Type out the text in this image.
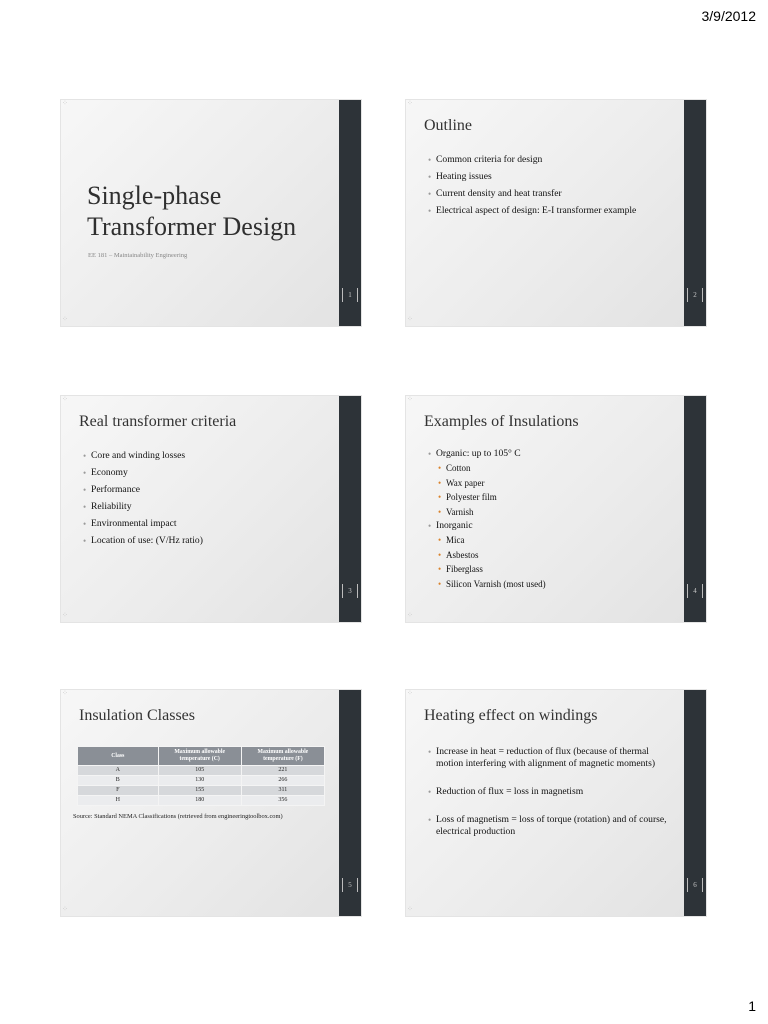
3/9/2012
⁘
⁘
Single-phase
Transformer Design
EE 181 – Maintainability Engineering
1
⁘
⁘
Outline
• Common criteria for design
• Heating issues
• Current density and heat transfer
• Electrical aspect of design: E-I transformer example
2
⁘
⁘
Real transformer criteria
• Core and winding losses
• Economy
• Performance
• Reliability
• Environmental impact
• Location of use: (V/Hz ratio)
3
⁘
⁘
Examples of Insulations
• Organic: up to 105° C
• Cotton
• Wax paper
• Polyester film
• Varnish
• Inorganic
• Mica
• Asbestos
• Fiberglass
• Silicon Varnish (most used)
4
⁘
⁘
Insulation Classes
Class	Maximum allowable temperature (C)	Maximum allowable temperature (F)
A	105	221
B	130	266
F	155	311
H	180	356
Source: Standard NEMA Classifications (retrieved from engineeringtoolbox.com)
5
⁘
⁘
Heating effect on windings
• Increase in heat = reduction of flux (because of thermal motion interfering with alignment of magnetic moments)
• Reduction of flux = loss in magnetism
• Loss of magnetism = loss of torque (rotation) and of course, electrical production
6
1
